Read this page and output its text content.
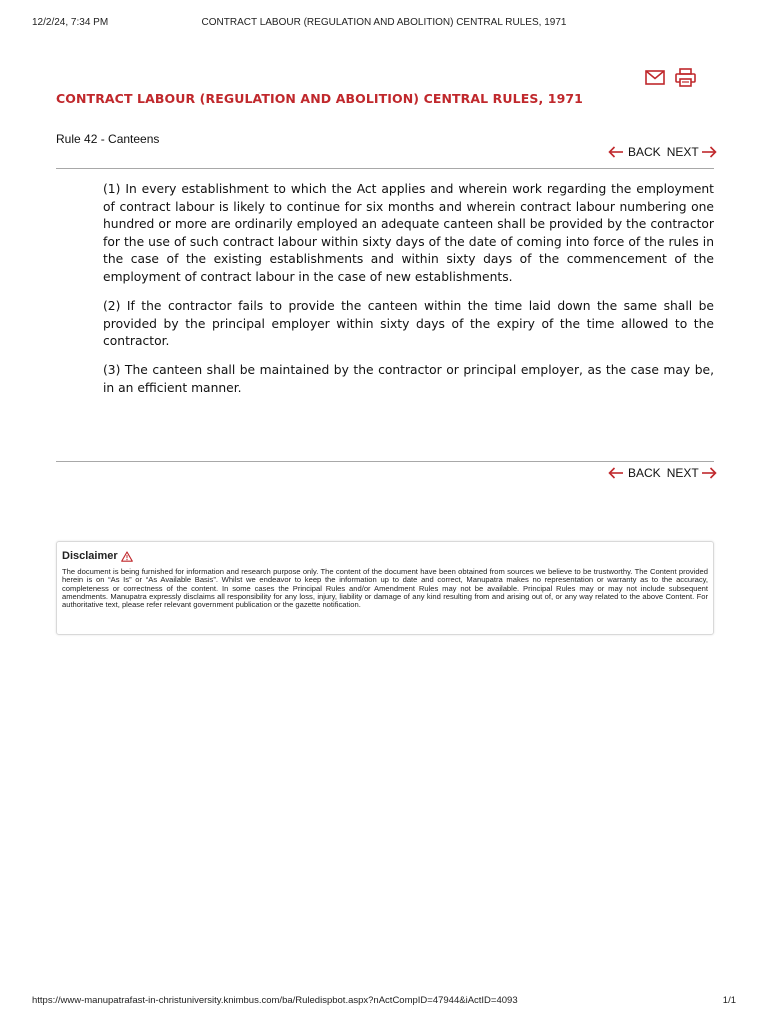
12/2/24, 7:34 PM	CONTRACT LABOUR (REGULATION AND ABOLITION) CENTRAL RULES, 1971
CONTRACT LABOUR (REGULATION AND ABOLITION) CENTRAL RULES, 1971
Rule 42 - Canteens
BACK NEXT

(1) In every establishment to which the Act applies and wherein work regarding the employment of contract labour is likely to continue for six months and wherein contract labour numbering one hundred or more are ordinarily employed an adequate canteen shall be provided by the contractor for the use of such contract labour within sixty days of the date of coming into force of the rules in the case of the existing establishments and within sixty days of the commencement of the employment of contract labour in the case of new establishments.

(2) If the contractor fails to provide the canteen within the time laid down the same shall be provided by the principal employer within sixty days of the expiry of the time allowed to the contractor.

(3) The canteen shall be maintained by the contractor or principal employer, as the case may be, in an efficient manner.

BACK NEXT
Disclaimer
The document is being furnished for information and research purpose only. The content of the document have been obtained from sources we believe to be trustworthy. The Content provided herein is on “As Is” or “As Available Basis”. Whilst we endeavor to keep the information up to date and correct, Manupatra makes no representation or warranty as to the accuracy, completeness or correctness of the content. In some cases the Principal Rules and/or Amendment Rules may not be available. Principal Rules may or may not include subsequent amendments. Manupatra expressly disclaims all responsibility for any loss, injury, liability or damage of any kind resulting from and arising out of, or any way related to the above Content. For authoritative text, please refer relevant government publication or the gazette notification.
https://www-manupatrafast-in-christuniversity.knimbus.com/ba/Ruledispbot.aspx?nActCompID=47944&iActID=4093	1/1
